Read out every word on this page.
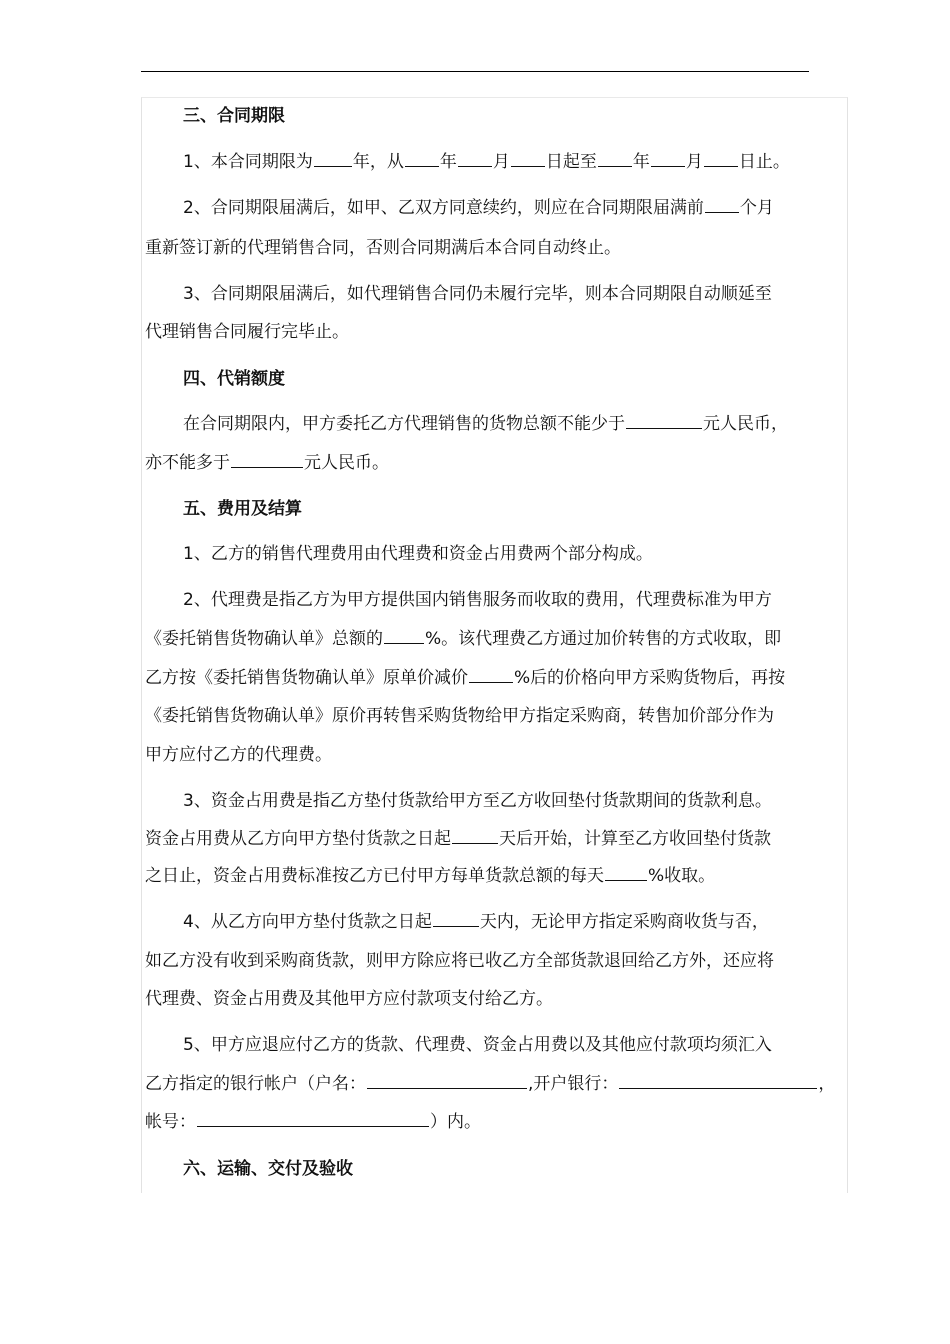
三、合同期限
1、本合同期限为 年，从 年 月 日起至 年 月 日止。
2、合同期限届满后，如甲、乙双方同意续约，则应在合同期限届满前 个月
重新签订新的代理销售合同，否则合同期满后本合同自动终止。
3、合同期限届满后，如代理销售合同仍未履行完毕，则本合同期限自动顺延至
代理销售合同履行完毕止。
四、代销额度
在合同期限内，甲方委托乙方代理销售的货物总额不能少于	元人民币，
亦不能多于	元人民币。
五、费用及结算
1、乙方的销售代理费用由代理费和资金占用费两个部分构成。
2、代理费是指乙方为甲方提供国内销售服务而收取的费用，代理费标准为甲方
《委托销售货物确认单》总额的 %。该代理费乙方通过加价转售的方式收取，即
乙方按《委托销售货物确认单》原单价减价	%后的价格向甲方采购货物后，再按
《委托销售货物确认单》原价再转售采购货物给甲方指定采购商，转售加价部分作为
甲方应付乙方的代理费。
3、资金占用费是指乙方垫付货款给甲方至乙方收回垫付货款期间的货款利息。
资金占用费从乙方向甲方垫付货款之日起	天后开始，计算至乙方收回垫付货款
之日止，资金占用费标准按乙方已付甲方每单货款总额的每天	%收取。
4、从乙方向甲方垫付货款之日起	天内，无论甲方指定采购商收货与否，
如乙方没有收到采购商货款，则甲方除应将已收乙方全部货款退回给乙方外，还应将
代理费、资金占用费及其他甲方应付款项支付给乙方。
5、甲方应退应付乙方的货款、代理费、资金占用费以及其他应付款项均须汇入
乙方指定的银行帐户（户名：	,开户银行：	，
帐号：	）内。
六、运输、交付及验收
